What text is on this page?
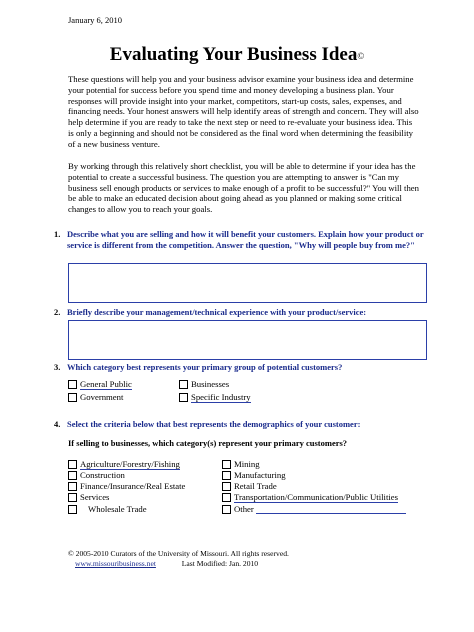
January 6, 2010
Evaluating Your Business Idea©
These questions will help you and your business advisor examine your business idea and determine your potential for success before you spend time and money developing a business plan. Your responses will provide insight into your market, competitors, start-up costs, sales, expenses, and financing needs. Your honest answers will help identify areas of strength and concern. They will also help determine if you are ready to take the next step or need to re-evaluate your business idea. This is only a beginning and should not be considered as the final word when determining the feasibility of a new business venture.
By working through this relatively short checklist, you will be able to determine if your idea has the potential to create a successful business. The question you are attempting to answer is "Can my business sell enough products or services to make enough of a profit to be successful?" You will then be able to make an educated decision about going ahead as you planned or making some critical changes to allow you to reach your goals.
1. Describe what you are selling and how it will benefit your customers. Explain how your product or service is different from the competition. Answer the question, "Why will people buy from me?"
2. Briefly describe your management/technical experience with your product/service:
3. Which category best represents your primary group of potential customers?
General Public	Businesses
Government	Specific Industry
4. Select the criteria below that best represents the demographics of your customer:
If selling to businesses, which category(s) represent your primary customers?
Agriculture/Forestry/Fishing	Mining
Construction	Manufacturing
Finance/Insurance/Real Estate	Retail Trade
Services	Transportation/Communication/Public Utilities
Wholesale Trade	Other
© 2005-2010 Curators of the University of Missouri. All rights reserved.
www.missouribusiness.net	Last Modified: Jan. 2010
